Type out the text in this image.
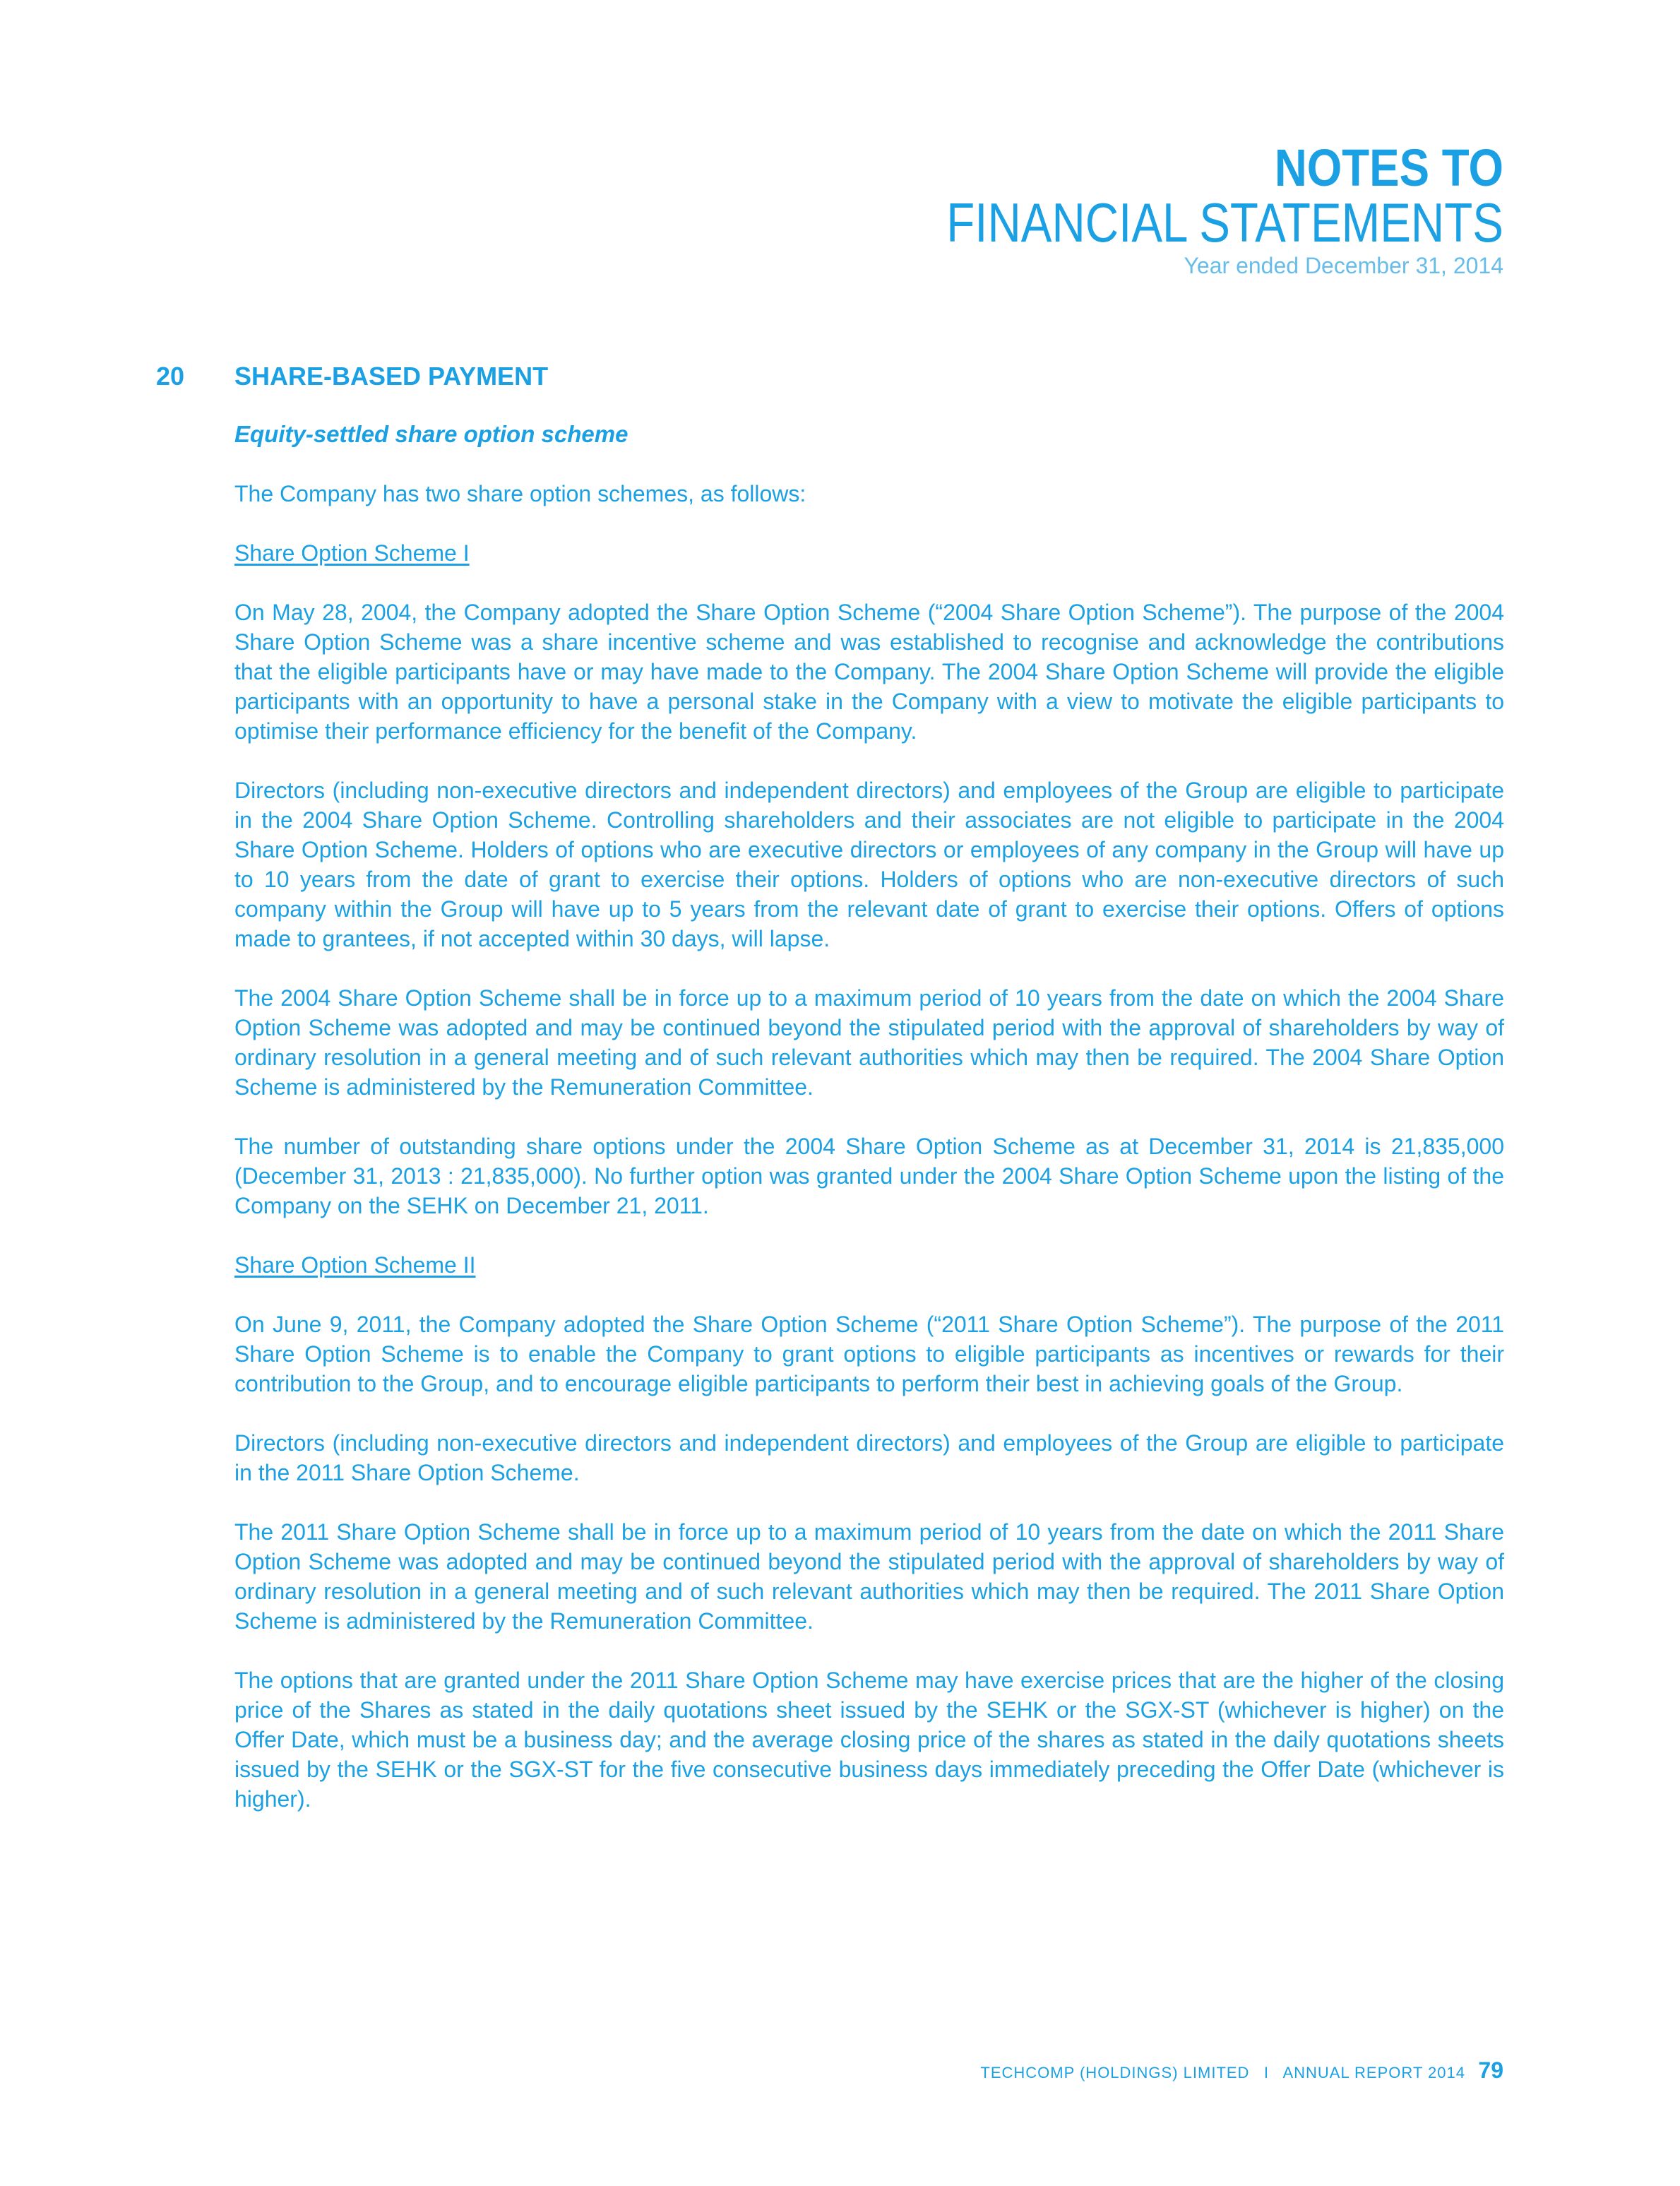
NOTES TO
FINANCIAL STATEMENTS
Year ended December 31, 2014
20 SHARE-BASED PAYMENT
Equity-settled share option scheme
The Company has two share option schemes, as follows:
Share Option Scheme I
On May 28, 2004, the Company adopted the Share Option Scheme (“2004 Share Option Scheme”). The purpose of the 2004 Share Option Scheme was a share incentive scheme and was established to recognise and acknowledge the contributions that the eligible participants have or may have made to the Company. The 2004 Share Option Scheme will provide the eligible participants with an opportunity to have a personal stake in the Company with a view to motivate the eligible participants to optimise their performance efficiency for the benefit of the Company.
Directors (including non-executive directors and independent directors) and employees of the Group are eligible to participate in the 2004 Share Option Scheme. Controlling shareholders and their associates are not eligible to participate in the 2004 Share Option Scheme. Holders of options who are executive directors or employees of any company in the Group will have up to 10 years from the date of grant to exercise their options. Holders of options who are non-executive directors of such company within the Group will have up to 5 years from the relevant date of grant to exercise their options. Offers of options made to grantees, if not accepted within 30 days, will lapse.
The 2004 Share Option Scheme shall be in force up to a maximum period of 10 years from the date on which the 2004 Share Option Scheme was adopted and may be continued beyond the stipulated period with the approval of shareholders by way of ordinary resolution in a general meeting and of such relevant authorities which may then be required. The 2004 Share Option Scheme is administered by the Remuneration Committee.
The number of outstanding share options under the 2004 Share Option Scheme as at December 31, 2014 is 21,835,000 (December 31, 2013 : 21,835,000). No further option was granted under the 2004 Share Option Scheme upon the listing of the Company on the SEHK on December 21, 2011.
Share Option Scheme II
On June 9, 2011, the Company adopted the Share Option Scheme (“2011 Share Option Scheme”). The purpose of the 2011 Share Option Scheme is to enable the Company to grant options to eligible participants as incentives or rewards for their contribution to the Group, and to encourage eligible participants to perform their best in achieving goals of the Group.
Directors (including non-executive directors and independent directors) and employees of the Group are eligible to participate in the 2011 Share Option Scheme.
The 2011 Share Option Scheme shall be in force up to a maximum period of 10 years from the date on which the 2011 Share Option Scheme was adopted and may be continued beyond the stipulated period with the approval of shareholders by way of ordinary resolution in a general meeting and of such relevant authorities which may then be required. The 2011 Share Option Scheme is administered by the Remuneration Committee.
The options that are granted under the 2011 Share Option Scheme may have exercise prices that are the higher of the closing price of the Shares as stated in the daily quotations sheet issued by the SEHK or the SGX-ST (whichever is higher) on the Offer Date, which must be a business day; and the average closing price of the shares as stated in the daily quotations sheets issued by the SEHK or the SGX-ST for the five consecutive business days immediately preceding the Offer Date (whichever is higher).
TECHCOMP (HOLDINGS) LIMITED I ANNUAL REPORT 2014 79
